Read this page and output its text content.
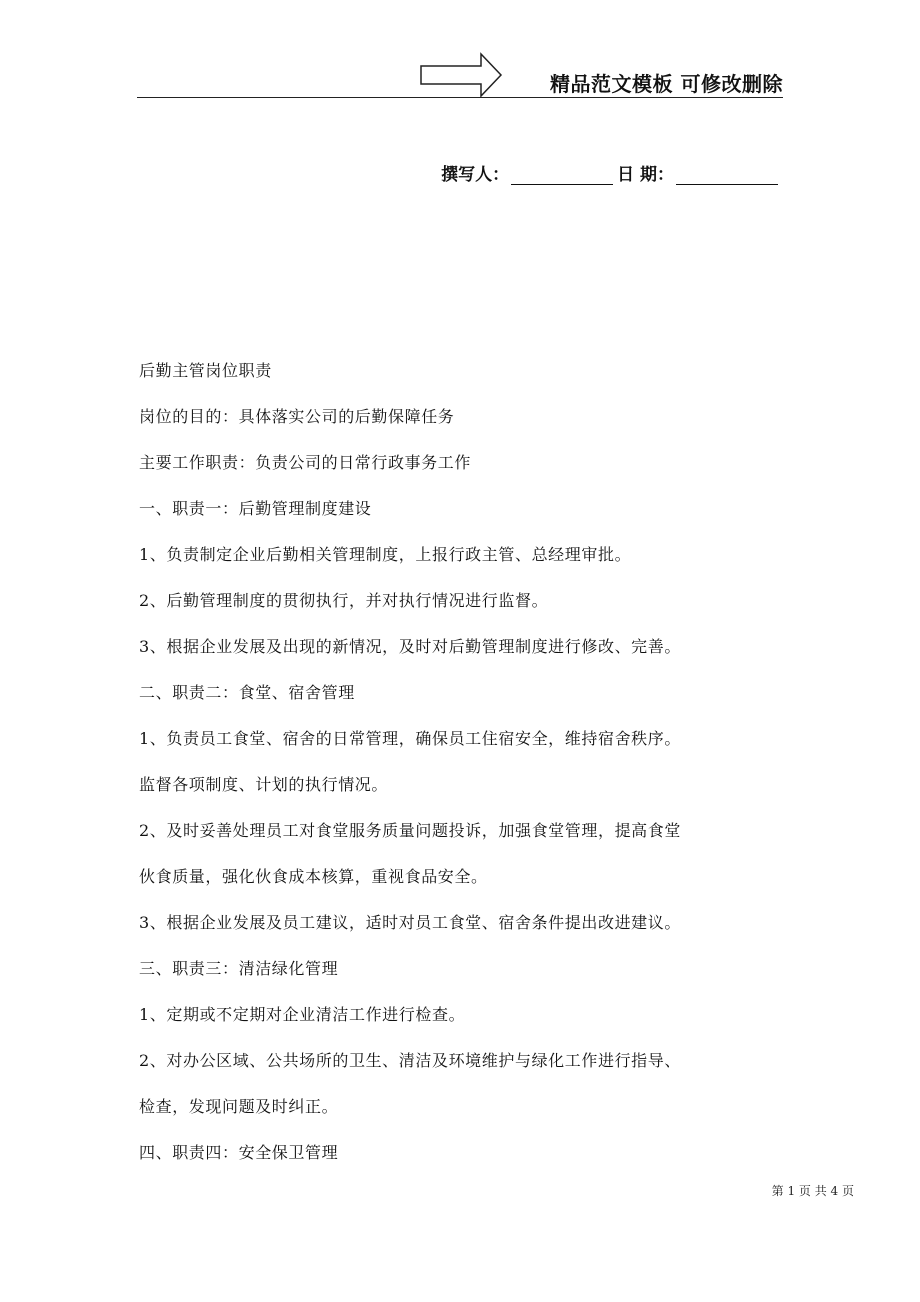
精品范文模板 可修改删除
撰写人：	日 期：
后勤主管岗位职责
岗位的目的：具体落实公司的后勤保障任务
主要工作职责：负责公司的日常行政事务工作
一、职责一：后勤管理制度建设
1、负责制定企业后勤相关管理制度，上报行政主管、总经理审批。
2、后勤管理制度的贯彻执行，并对执行情况进行监督。
3、根据企业发展及出现的新情况，及时对后勤管理制度进行修改、完善。
二、职责二：食堂、宿舍管理
1、负责员工食堂、宿舍的日常管理，确保员工住宿安全，维持宿舍秩序。
监督各项制度、计划的执行情况。
2、及时妥善处理员工对食堂服务质量问题投诉，加强食堂管理，提高食堂
伙食质量，强化伙食成本核算，重视食品安全。
3、根据企业发展及员工建议，适时对员工食堂、宿舍条件提出改进建议。
三、职责三：清洁绿化管理
1、定期或不定期对企业清洁工作进行检查。
2、对办公区域、公共场所的卫生、清洁及环境维护与绿化工作进行指导、
检查，发现问题及时纠正。
四、职责四：安全保卫管理
第 1 页 共 4 页
